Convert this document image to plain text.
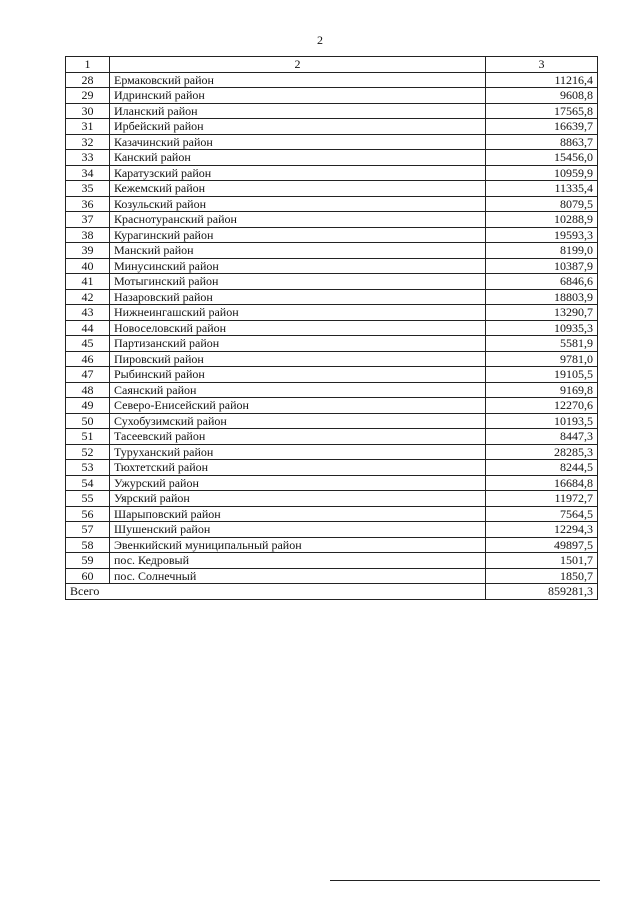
2
1	2	3
28	Ермаковский район	11216,4
29	Идринский район	9608,8
30	Иланский район	17565,8
31	Ирбейский район	16639,7
32	Казачинский район	8863,7
33	Канский район	15456,0
34	Каратузский район	10959,9
35	Кежемский район	11335,4
36	Козульский район	8079,5
37	Краснотуранский район	10288,9
38	Курагинский район	19593,3
39	Манский район	8199,0
40	Минусинский район	10387,9
41	Мотыгинский район	6846,6
42	Назаровский район	18803,9
43	Нижнеингашский район	13290,7
44	Новоселовский район	10935,3
45	Партизанский район	5581,9
46	Пировский район	9781,0
47	Рыбинский район	19105,5
48	Саянский район	9169,8
49	Северо-Енисейский район	12270,6
50	Сухобузимский район	10193,5
51	Тасеевский район	8447,3
52	Туруханский район	28285,3
53	Тюхтетский район	8244,5
54	Ужурский район	16684,8
55	Уярский район	11972,7
56	Шарыповский район	7564,5
57	Шушенский район	12294,3
58	Эвенкийский муниципальный район	49897,5
59	пос. Кедровый	1501,7
60	пос. Солнечный	1850,7
Всего		859281,3
